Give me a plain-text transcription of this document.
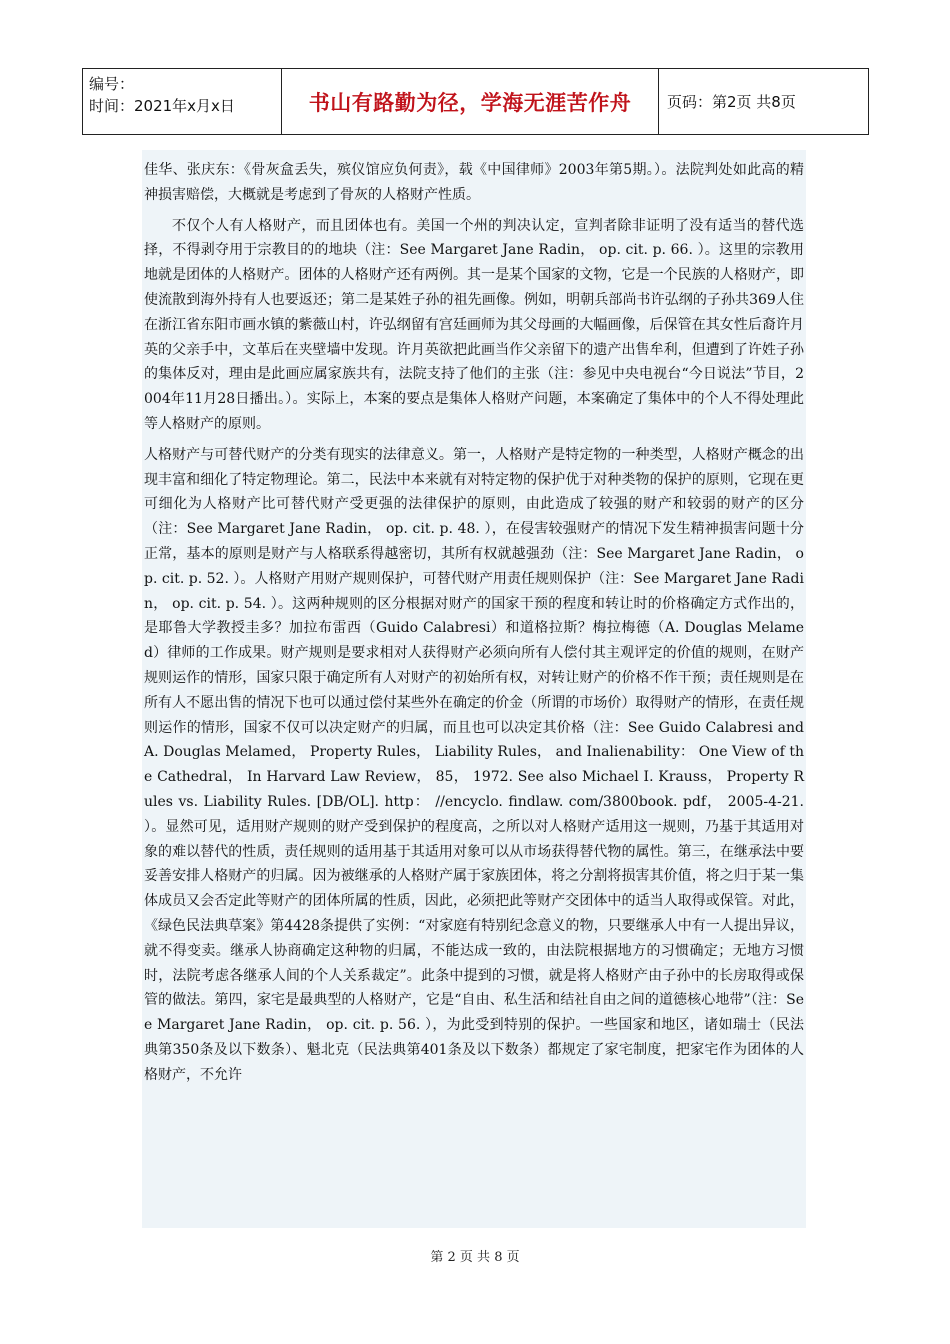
编号：
时间：2021年x月x日	书山有路勤为径，学海无涯苦作舟	页码：第2页 共8页

佳华、张庆东：《骨灰盒丢失，殡仪馆应负何责》，载《中国律师》2003年第5期。）。法院判处如此高的精神损害赔偿，大概就是考虑到了骨灰的人格财产性质。

不仅个人有人格财产，而且团体也有。美国一个州的判决认定，宣判者除非证明了没有适当的替代选择，不得剥夺用于宗教目的的地块（注：See Margaret Jane Radin， op. cit. p. 66. ）。这里的宗教用地就是团体的人格财产。团体的人格财产还有两例。其一是某个国家的文物，它是一个民族的人格财产，即使流散到海外持有人也要返还；第二是某姓子孙的祖先画像。例如，明朝兵部尚书许弘纲的子孙共369人住在浙江省东阳市画水镇的紫薇山村，许弘纲留有宫廷画师为其父母画的大幅画像，后保管在其女性后裔许月英的父亲手中，文革后在夹壁墙中发现。许月英欲把此画当作父亲留下的遗产出售牟利，但遭到了许姓子孙的集体反对，理由是此画应属家族共有，法院支持了他们的主张（注：参见中央电视台“今日说法”节目，2004年11月28日播出。）。实际上，本案的要点是集体人格财产问题，本案确定了集体中的个人不得处理此等人格财产的原则。

人格财产与可替代财产的分类有现实的法律意义。第一，人格财产是特定物的一种类型，人格财产概念的出现丰富和细化了特定物理论。第二，民法中本来就有对特定物的保护优于对种类物的保护的原则，它现在更可细化为人格财产比可替代财产受更强的法律保护的原则，由此造成了较强的财产和较弱的财产的区分（注：See Margaret Jane Radin， op. cit. p. 48. ），在侵害较强财产的情况下发生精神损害问题十分正常，基本的原则是财产与人格联系得越密切，其所有权就越强劲（注：See Margaret Jane Radin， op. cit. p. 52. ）。人格财产用财产规则保护，可替代财产用责任规则保护（注：See Margaret Jane Radin， op. cit. p. 54. ）。这两种规则的区分根据对财产的国家干预的程度和转让时的价格确定方式作出的，是耶鲁大学教授圭多？加拉布雷西（Guido Calabresi）和道格拉斯？梅拉梅德（A. Douglas Melamed）律师的工作成果。财产规则是要求相对人获得财产必须向所有人偿付其主观评定的价值的规则，在财产规则运作的情形，国家只限于确定所有人对财产的初始所有权，对转让财产的价格不作干预；责任规则是在所有人不愿出售的情况下也可以通过偿付某些外在确定的价金（所谓的市场价）取得财产的情形，在责任规则运作的情形，国家不仅可以决定财产的归属，而且也可以决定其价格（注：See Guido Calabresi and A. Douglas Melamed， Property Rules， Liability Rules， and Inalienability： One View of the Cathedral， In Harvard Law Review， 85， 1972. See also Michael I. Krauss， Property Rules vs. Liability Rules. [DB/OL]. http： //encyclo. findlaw. com/3800book. pdf， 2005-4-21. ）。显然可见，适用财产规则的财产受到保护的程度高，之所以对人格财产适用这一规则，乃基于其适用对象的难以替代的性质，责任规则的适用基于其适用对象可以从市场获得替代物的属性。第三，在继承法中要妥善安排人格财产的归属。因为被继承的人格财产属于家族团体，将之分割将损害其价值，将之归于某一集体成员又会否定此等财产的团体所属的性质，因此，必须把此等财产交团体中的适当人取得或保管。对此，《绿色民法典草案》第4428条提供了实例：“对家庭有特别纪念意义的物，只要继承人中有一人提出异议，就不得变卖。继承人协商确定这种物的归属，不能达成一致的，由法院根据地方的习惯确定；无地方习惯时，法院考虑各继承人间的个人关系裁定”。此条中提到的习惯，就是将人格财产由子孙中的长房取得或保管的做法。第四，家宅是最典型的人格财产，它是“自由、私生活和结社自由之间的道德核心地带”（注：See Margaret Jane Radin， op. cit. p. 56. ），为此受到特别的保护。一些国家和地区，诸如瑞士（民法典第350条及以下数条）、魁北克（民法典第401条及以下数条）都规定了家宅制度，把家宅作为团体的人格财产，不允许

第 2 页 共 8 页
